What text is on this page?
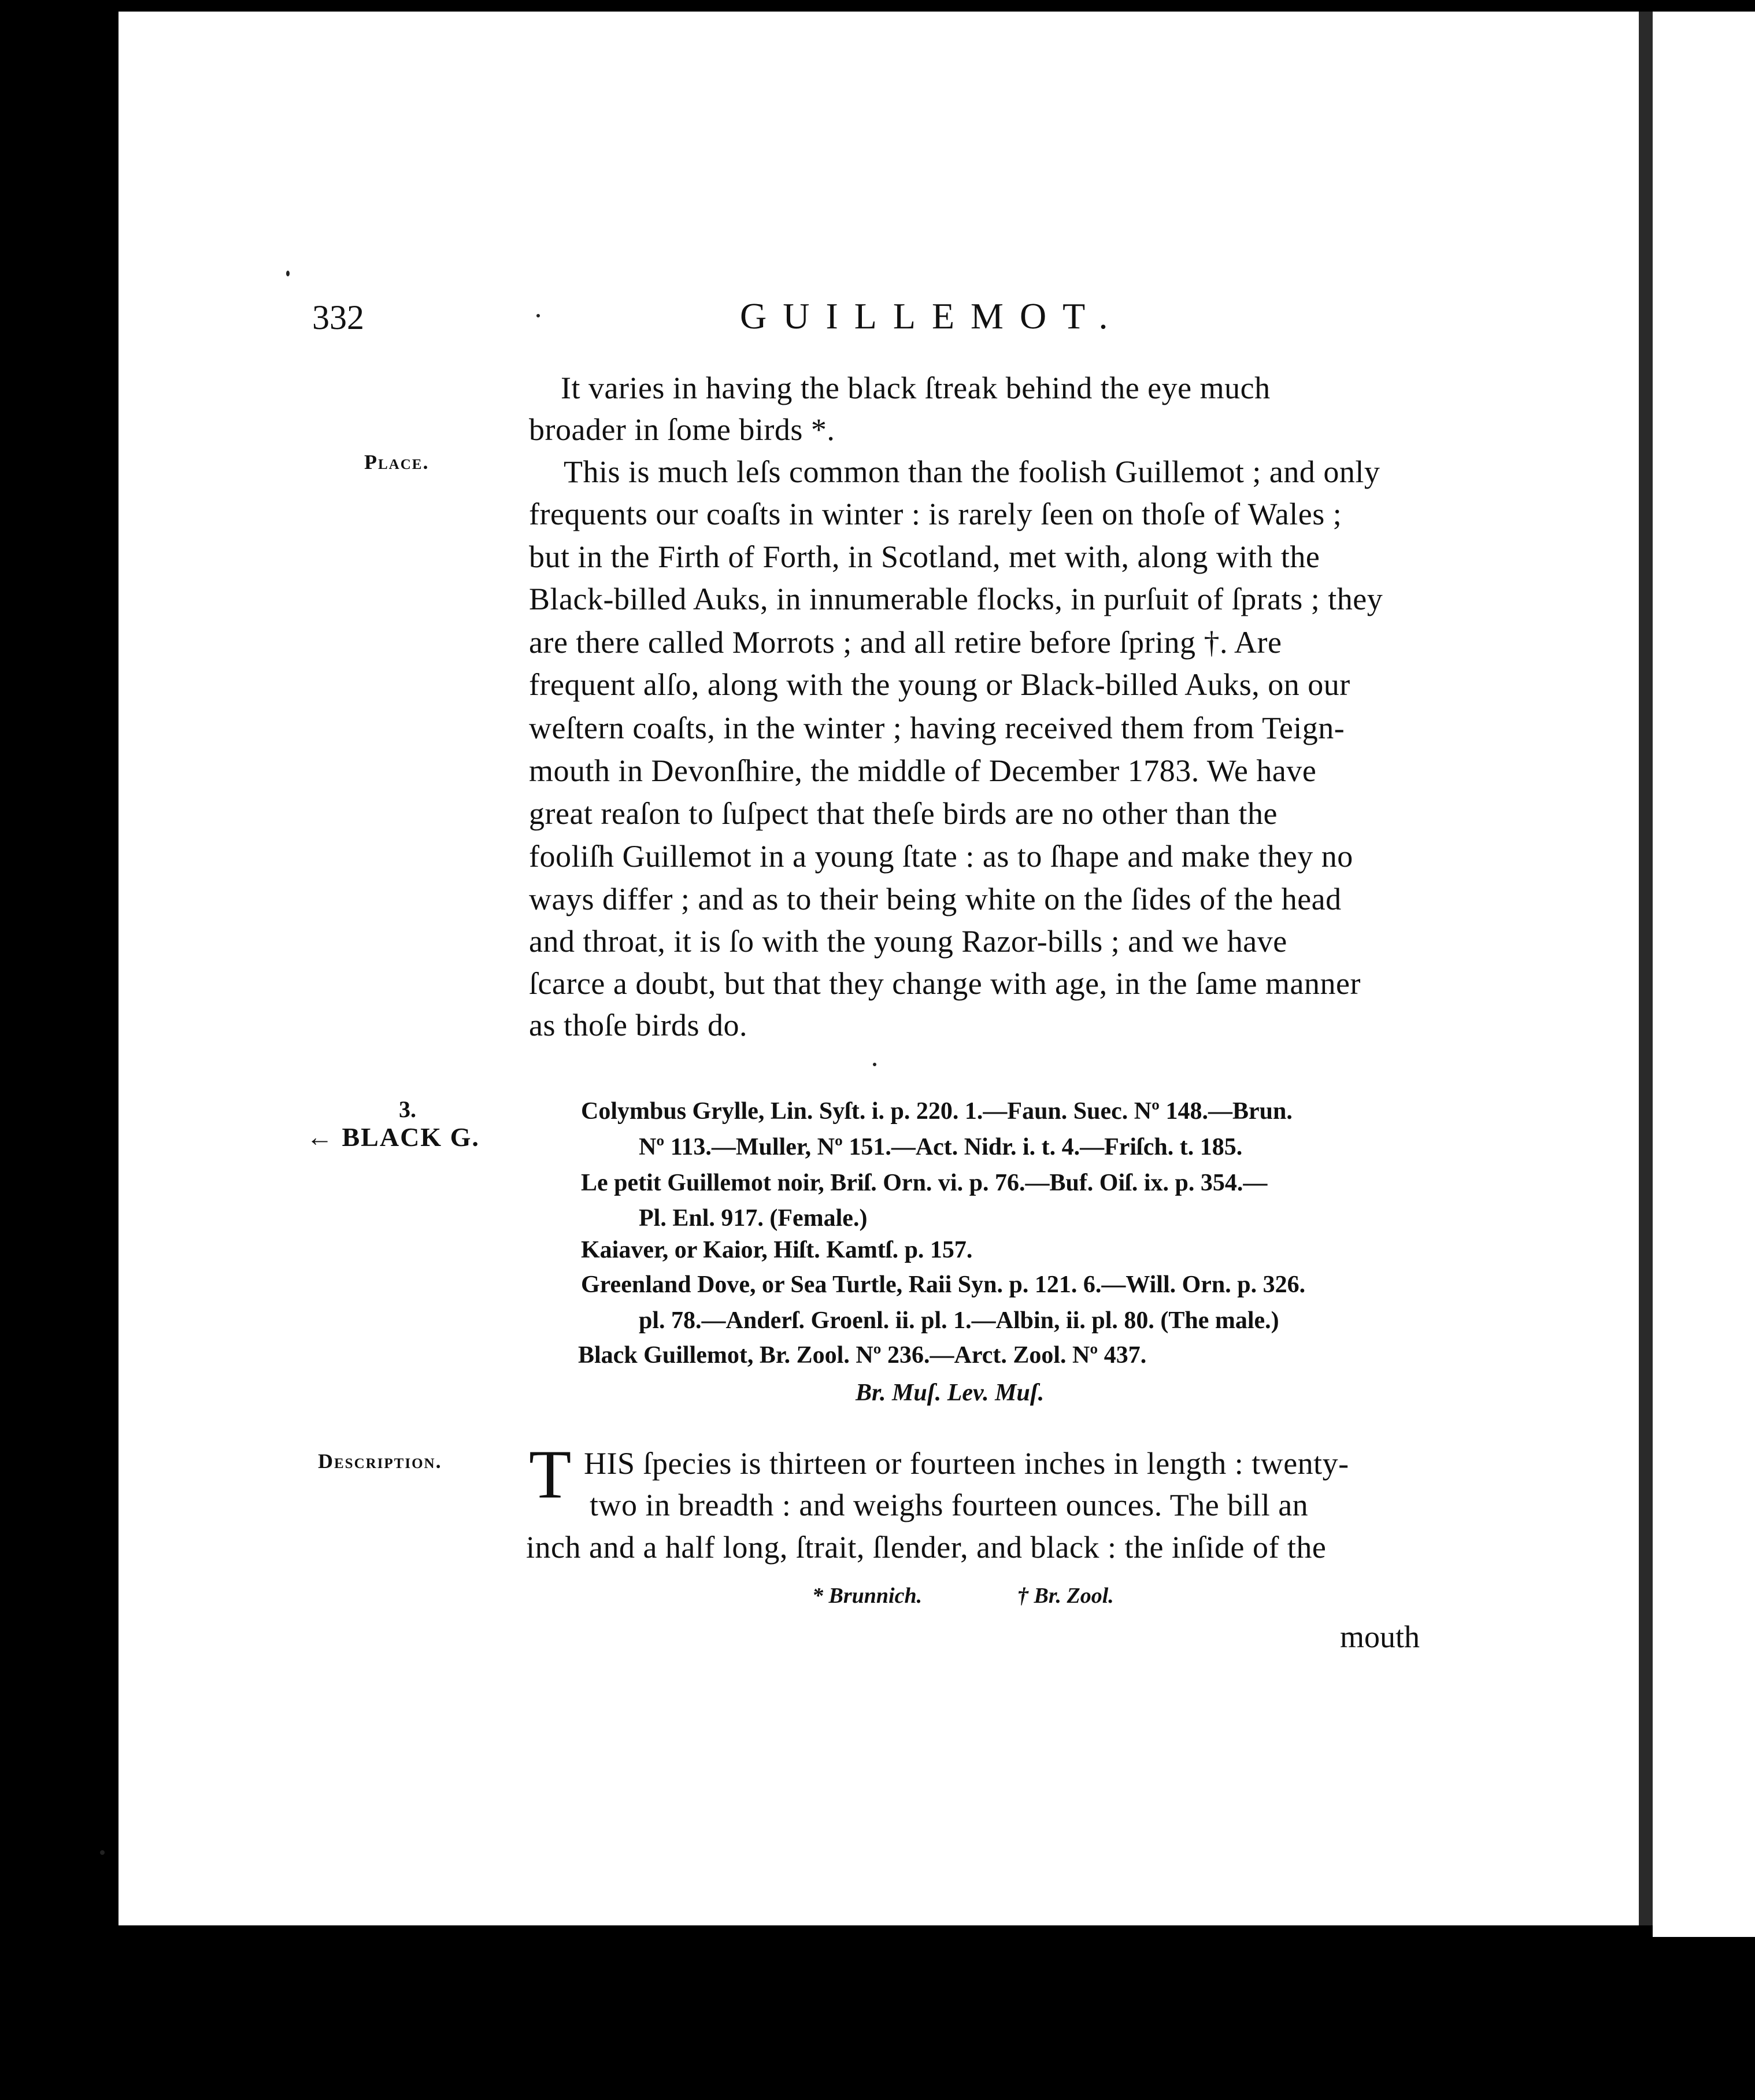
332	GUILLEMOT.
Place.
3.
← BLACK G.
Description.
It varies in having the black ſtreak behind the eye much
broader in ſome birds *.
This is much leſs common than the foolish Guillemot ; and only
frequents our coaſts in winter : is rarely ſeen on thoſe of Wales ;
but in the Firth of Forth, in Scotland, met with, along with the
Black-billed Auks, in innumerable flocks, in purſuit of ſprats ; they
are there called Morrots ; and all retire before ſpring †. Are
frequent alſo, along with the young or Black-billed Auks, on our
weſtern coaſts, in the winter ; having received them from Teign-
mouth in Devonſhire, the middle of December 1783. We have
great reaſon to ſuſpect that theſe birds are no other than the
fooliſh Guillemot in a young ſtate : as to ſhape and make they no
ways differ ; and as to their being white on the ſides of the head
and throat, it is ſo with the young Razor-bills ; and we have
ſcarce a doubt, but that they change with age, in the ſame manner
as thoſe birds do.
Colymbus Grylle, Lin. Syſt. i. p. 220. 1.—Faun. Suec. Nº 148.—Brun.
Nº 113.—Muller, Nº 151.—Act. Nidr. i. t. 4.—Friſch. t. 185.
Le petit Guillemot noir, Briſ. Orn. vi. p. 76.—Buf. Oiſ. ix. p. 354.—
Pl. Enl. 917. (Female.)
Kaiaver, or Kaior, Hiſt. Kamtſ. p. 157.
Greenland Dove, or Sea Turtle, Raii Syn. p. 121. 6.—Will. Orn. p. 326.
pl. 78.—Anderſ. Groenl. ii. pl. 1.—Albin, ii. pl. 80. (The male.)
Black Guillemot, Br. Zool. Nº 236.—Arct. Zool. Nº 437.
Br. Muſ. Lev. Muſ.
T HIS ſpecies is thirteen or fourteen inches in length : twenty-
two in breadth : and weighs fourteen ounces. The bill an
inch and a half long, ſtrait, ſlender, and black : the inſide of the
* Brunnich.	† Br. Zool.
mouth
